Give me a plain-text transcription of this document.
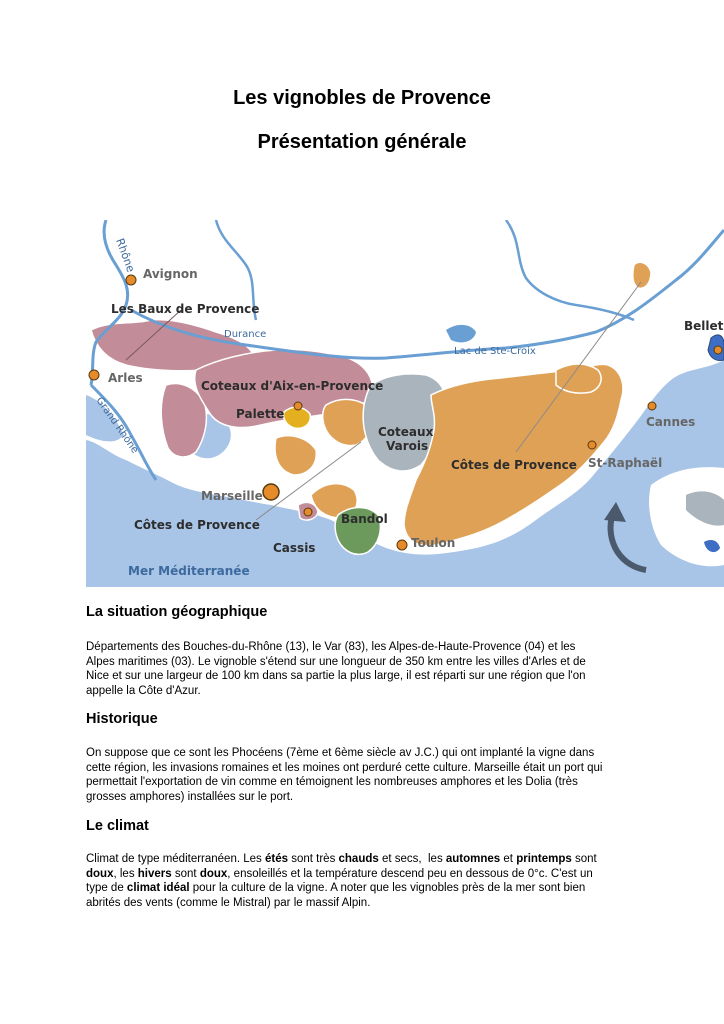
Les vignobles de Provence
Présentation générale
Rhône Avignon
Les Baux de Provence
Durance
Lac de Ste-Croix
Bellet
Arles
Coteaux d'Aix-en-Provence
Grand Rhône	Palette
Cannes
Coteaux
Varois
Côtes de Provence St-Raphaël
Marseille
Côtes de Provence	Bandol
Cassis	Toulon
Mer Méditerranée
La situation géographique

Départements des Bouches-du-Rhône (13), le Var (83), les Alpes-de-Haute-Provence (04) et les
Alpes maritimes (03). Le vignoble s'étend sur une longueur de 350 km entre les villes d'Arles et de
Nice et sur une largeur de 100 km dans sa partie la plus large, il est réparti sur une région que l'on
appelle la Côte d'Azur.

Historique

On suppose que ce sont les Phocéens (7ème et 6ème siècle av J.C.) qui ont implanté la vigne dans
cette région, les invasions romaines et les moines ont perduré cette culture. Marseille était un port qui
permettait l'exportation de vin comme en témoignent les nombreuses amphores et les Dolia (très
grosses amphores) installées sur le port.

Le climat

Climat de type méditerranéen. Les étés sont très chauds et secs,  les automnes et printemps sont
doux, les hivers sont doux, ensoleillés et la température descend peu en dessous de 0°c. C'est un
type de climat idéal pour la culture de la vigne. A noter que les vignobles près de la mer sont bien
abrités des vents (comme le Mistral) par le massif Alpin.
